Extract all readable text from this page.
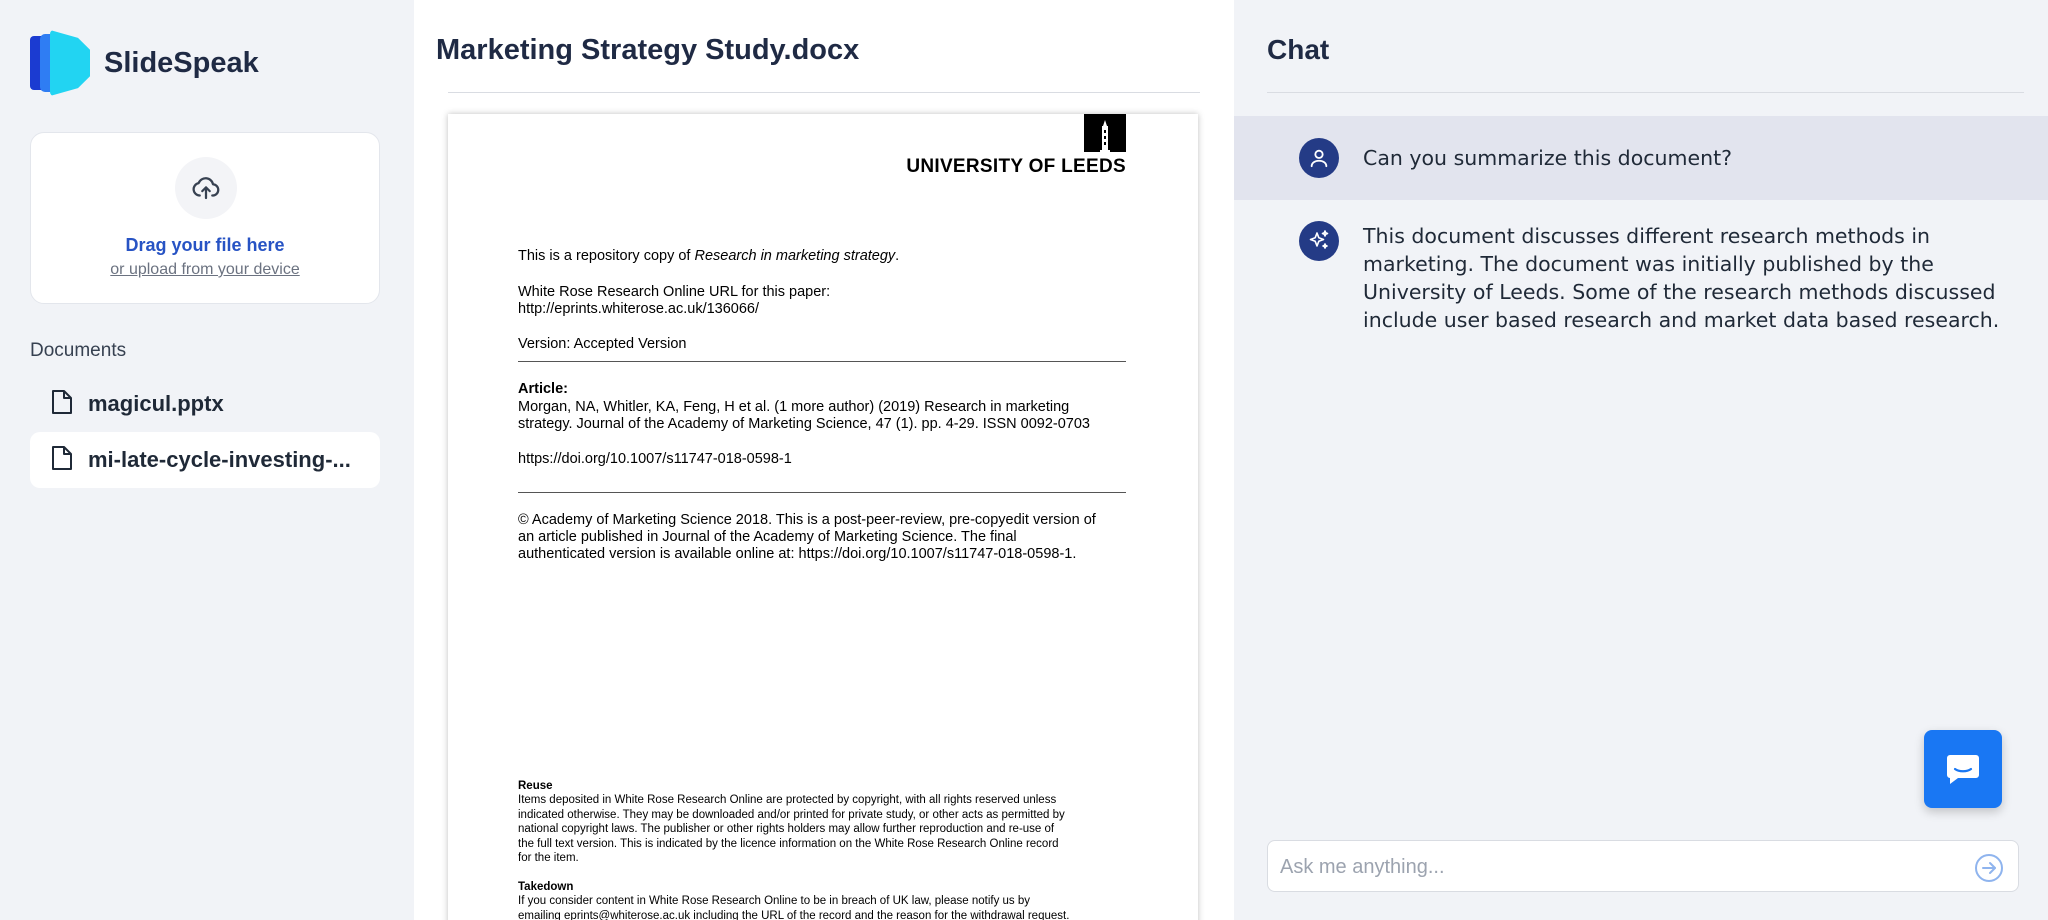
SlideSpeak
Drag your file here
or upload from your device
Documents
magicul.pptx
mi-late-cycle-investing-...
Marketing Strategy Study.docx
UNIVERSITY OF LEEDS
This is a repository copy of Research in marketing strategy.
White Rose Research Online URL for this paper:
http://eprints.whiterose.ac.uk/136066/
Version: Accepted Version
Article:
Morgan, NA, Whitler, KA, Feng, H et al. (1 more author) (2019) Research in marketing
strategy. Journal of the Academy of Marketing Science, 47 (1). pp. 4-29. ISSN 0092-0703
https://doi.org/10.1007/s11747-018-0598-1
© Academy of Marketing Science 2018. This is a post-peer-review, pre-copyedit version of
an article published in Journal of the Academy of Marketing Science. The final
authenticated version is available online at: https://doi.org/10.1007/s11747-018-0598-1.
Reuse
Items deposited in White Rose Research Online are protected by copyright, with all rights reserved unless
indicated otherwise. They may be downloaded and/or printed for private study, or other acts as permitted by
national copyright laws. The publisher or other rights holders may allow further reproduction and re-use of
the full text version. This is indicated by the licence information on the White Rose Research Online record
for the item.
Takedown
If you consider content in White Rose Research Online to be in breach of UK law, please notify us by
emailing eprints@whiterose.ac.uk including the URL of the record and the reason for the withdrawal request.
Chat
Can you summarize this document?
This document discusses different research methods in
marketing. The document was initially published by the
University of Leeds. Some of the research methods discussed
include user based research and market data based research.
Ask me anything...
